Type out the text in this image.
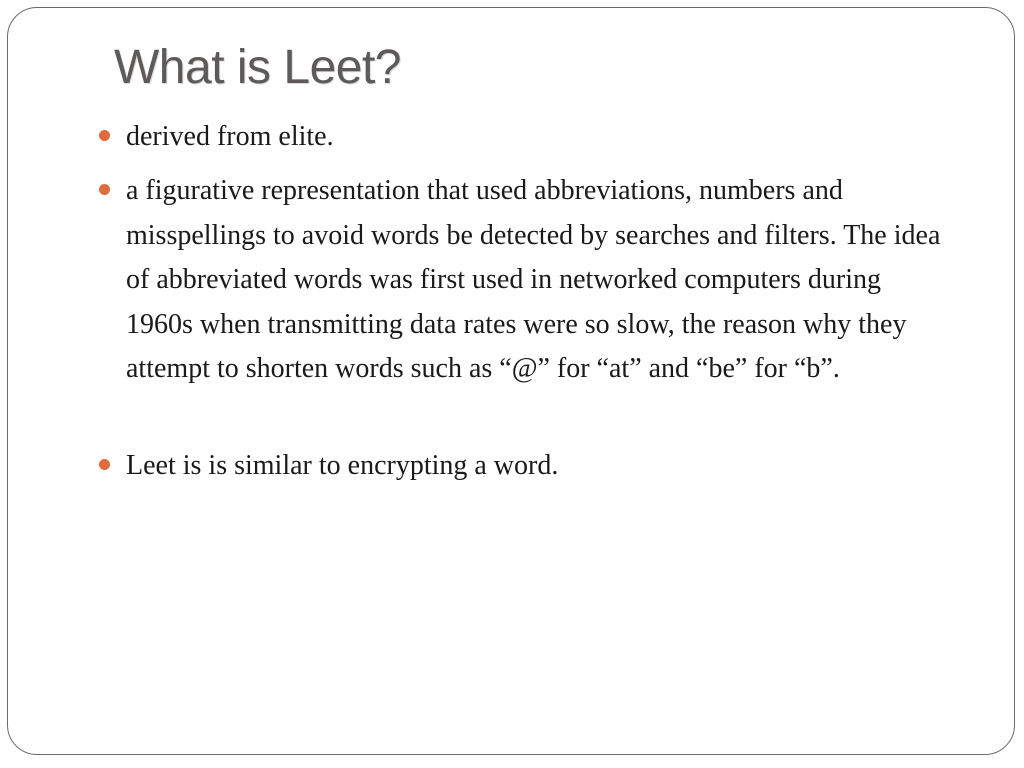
What is Leet?
derived from elite.
a figurative representation that used abbreviations, numbers and misspellings to avoid words be detected by searches and filters. The idea of abbreviated words was first used in networked computers during 1960s when transmitting data rates were so slow, the reason why they attempt to shorten words such as “@” for “at” and “be” for “b”.
Leet is is similar to encrypting a word.
